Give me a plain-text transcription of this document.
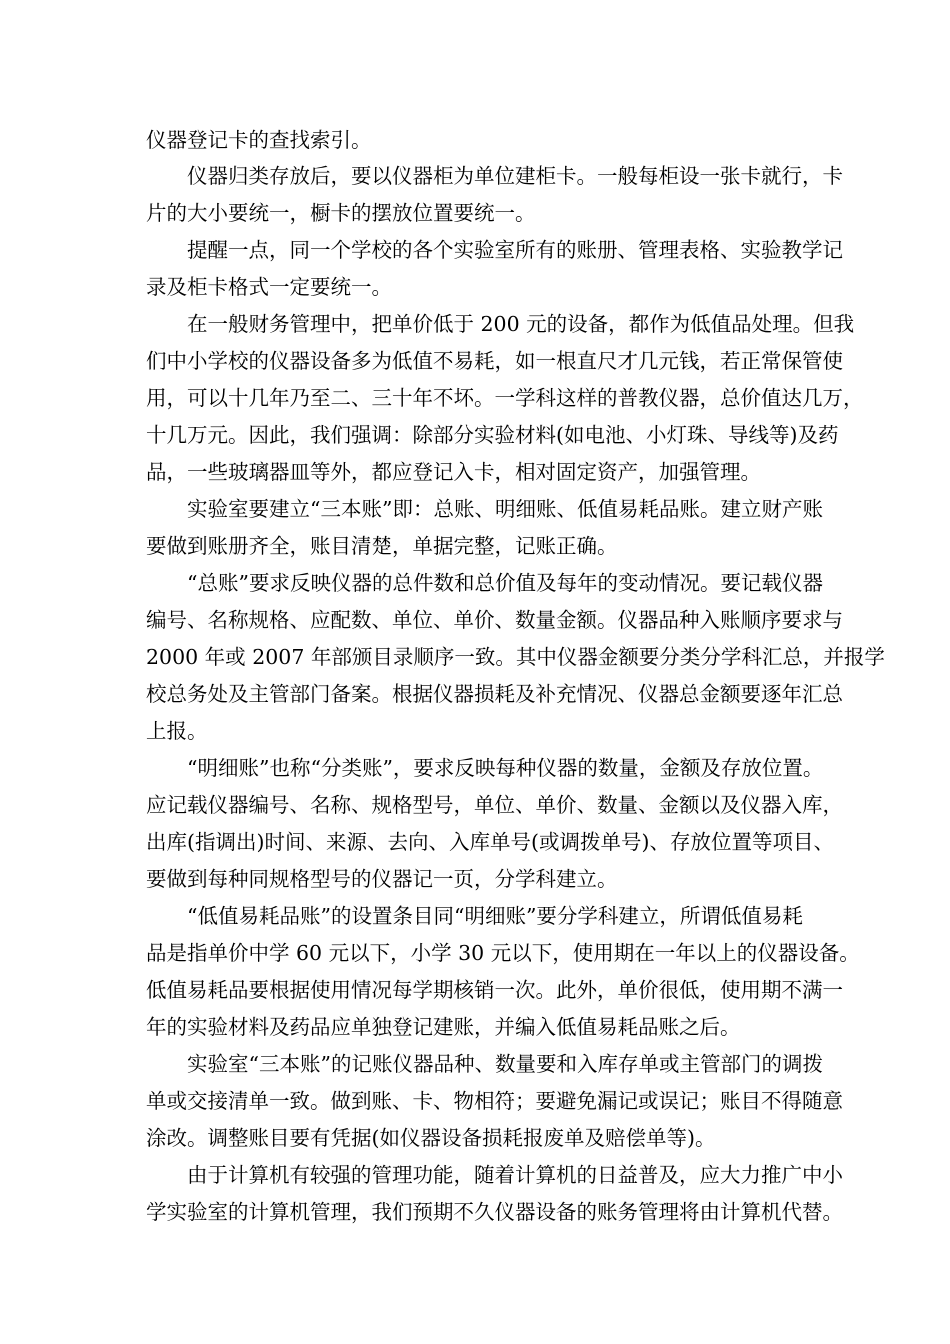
仪器登记卡的查找索引。
仪器归类存放后，要以仪器柜为单位建柜卡。一般每柜设一张卡就行，卡
片的大小要统一，橱卡的摆放位置要统一。
提醒一点，同一个学校的各个实验室所有的账册、管理表格、实验教学记
录及柜卡格式一定要统一。
在一般财务管理中，把单价低于 200 元的设备，都作为低值品处理。但我
们中小学校的仪器设备多为低值不易耗，如一根直尺才几元钱，若正常保管使
用，可以十几年乃至二、三十年不坏。一学科这样的普教仪器，总价值达几万，
十几万元。因此，我们强调：除部分实验材料(如电池、小灯珠、导线等)及药
品，一些玻璃器皿等外，都应登记入卡，相对固定资产，加强管理。
实验室要建立“三本账”即：总账、明细账、低值易耗品账。建立财产账
要做到账册齐全，账目清楚，单据完整，记账正确。
“总账”要求反映仪器的总件数和总价值及每年的变动情况。要记载仪器
编号、名称规格、应配数、单位、单价、数量金额。仪器品种入账顺序要求与
2000 年或 2007 年部颁目录顺序一致。其中仪器金额要分类分学科汇总，并报学
校总务处及主管部门备案。根据仪器损耗及补充情况、仪器总金额要逐年汇总
上报。
“明细账”也称“分类账”，要求反映每种仪器的数量，金额及存放位置。
应记载仪器编号、名称、规格型号，单位、单价、数量、金额以及仪器入库，
出库(指调出)时间、来源、去向、入库单号(或调拨单号)、存放位置等项目、
要做到每种同规格型号的仪器记一页，分学科建立。
“低值易耗品账”的设置条目同“明细账”要分学科建立，所谓低值易耗
品是指单价中学 60 元以下，小学 30 元以下，使用期在一年以上的仪器设备。
低值易耗品要根据使用情况每学期核销一次。此外，单价很低，使用期不满一
年的实验材料及药品应单独登记建账，并编入低值易耗品账之后。
实验室“三本账”的记账仪器品种、数量要和入库存单或主管部门的调拨
单或交接清单一致。做到账、卡、物相符；要避免漏记或误记；账目不得随意
涂改。调整账目要有凭据(如仪器设备损耗报废单及赔偿单等)。
由于计算机有较强的管理功能，随着计算机的日益普及，应大力推广中小
学实验室的计算机管理，我们预期不久仪器设备的账务管理将由计算机代替。
